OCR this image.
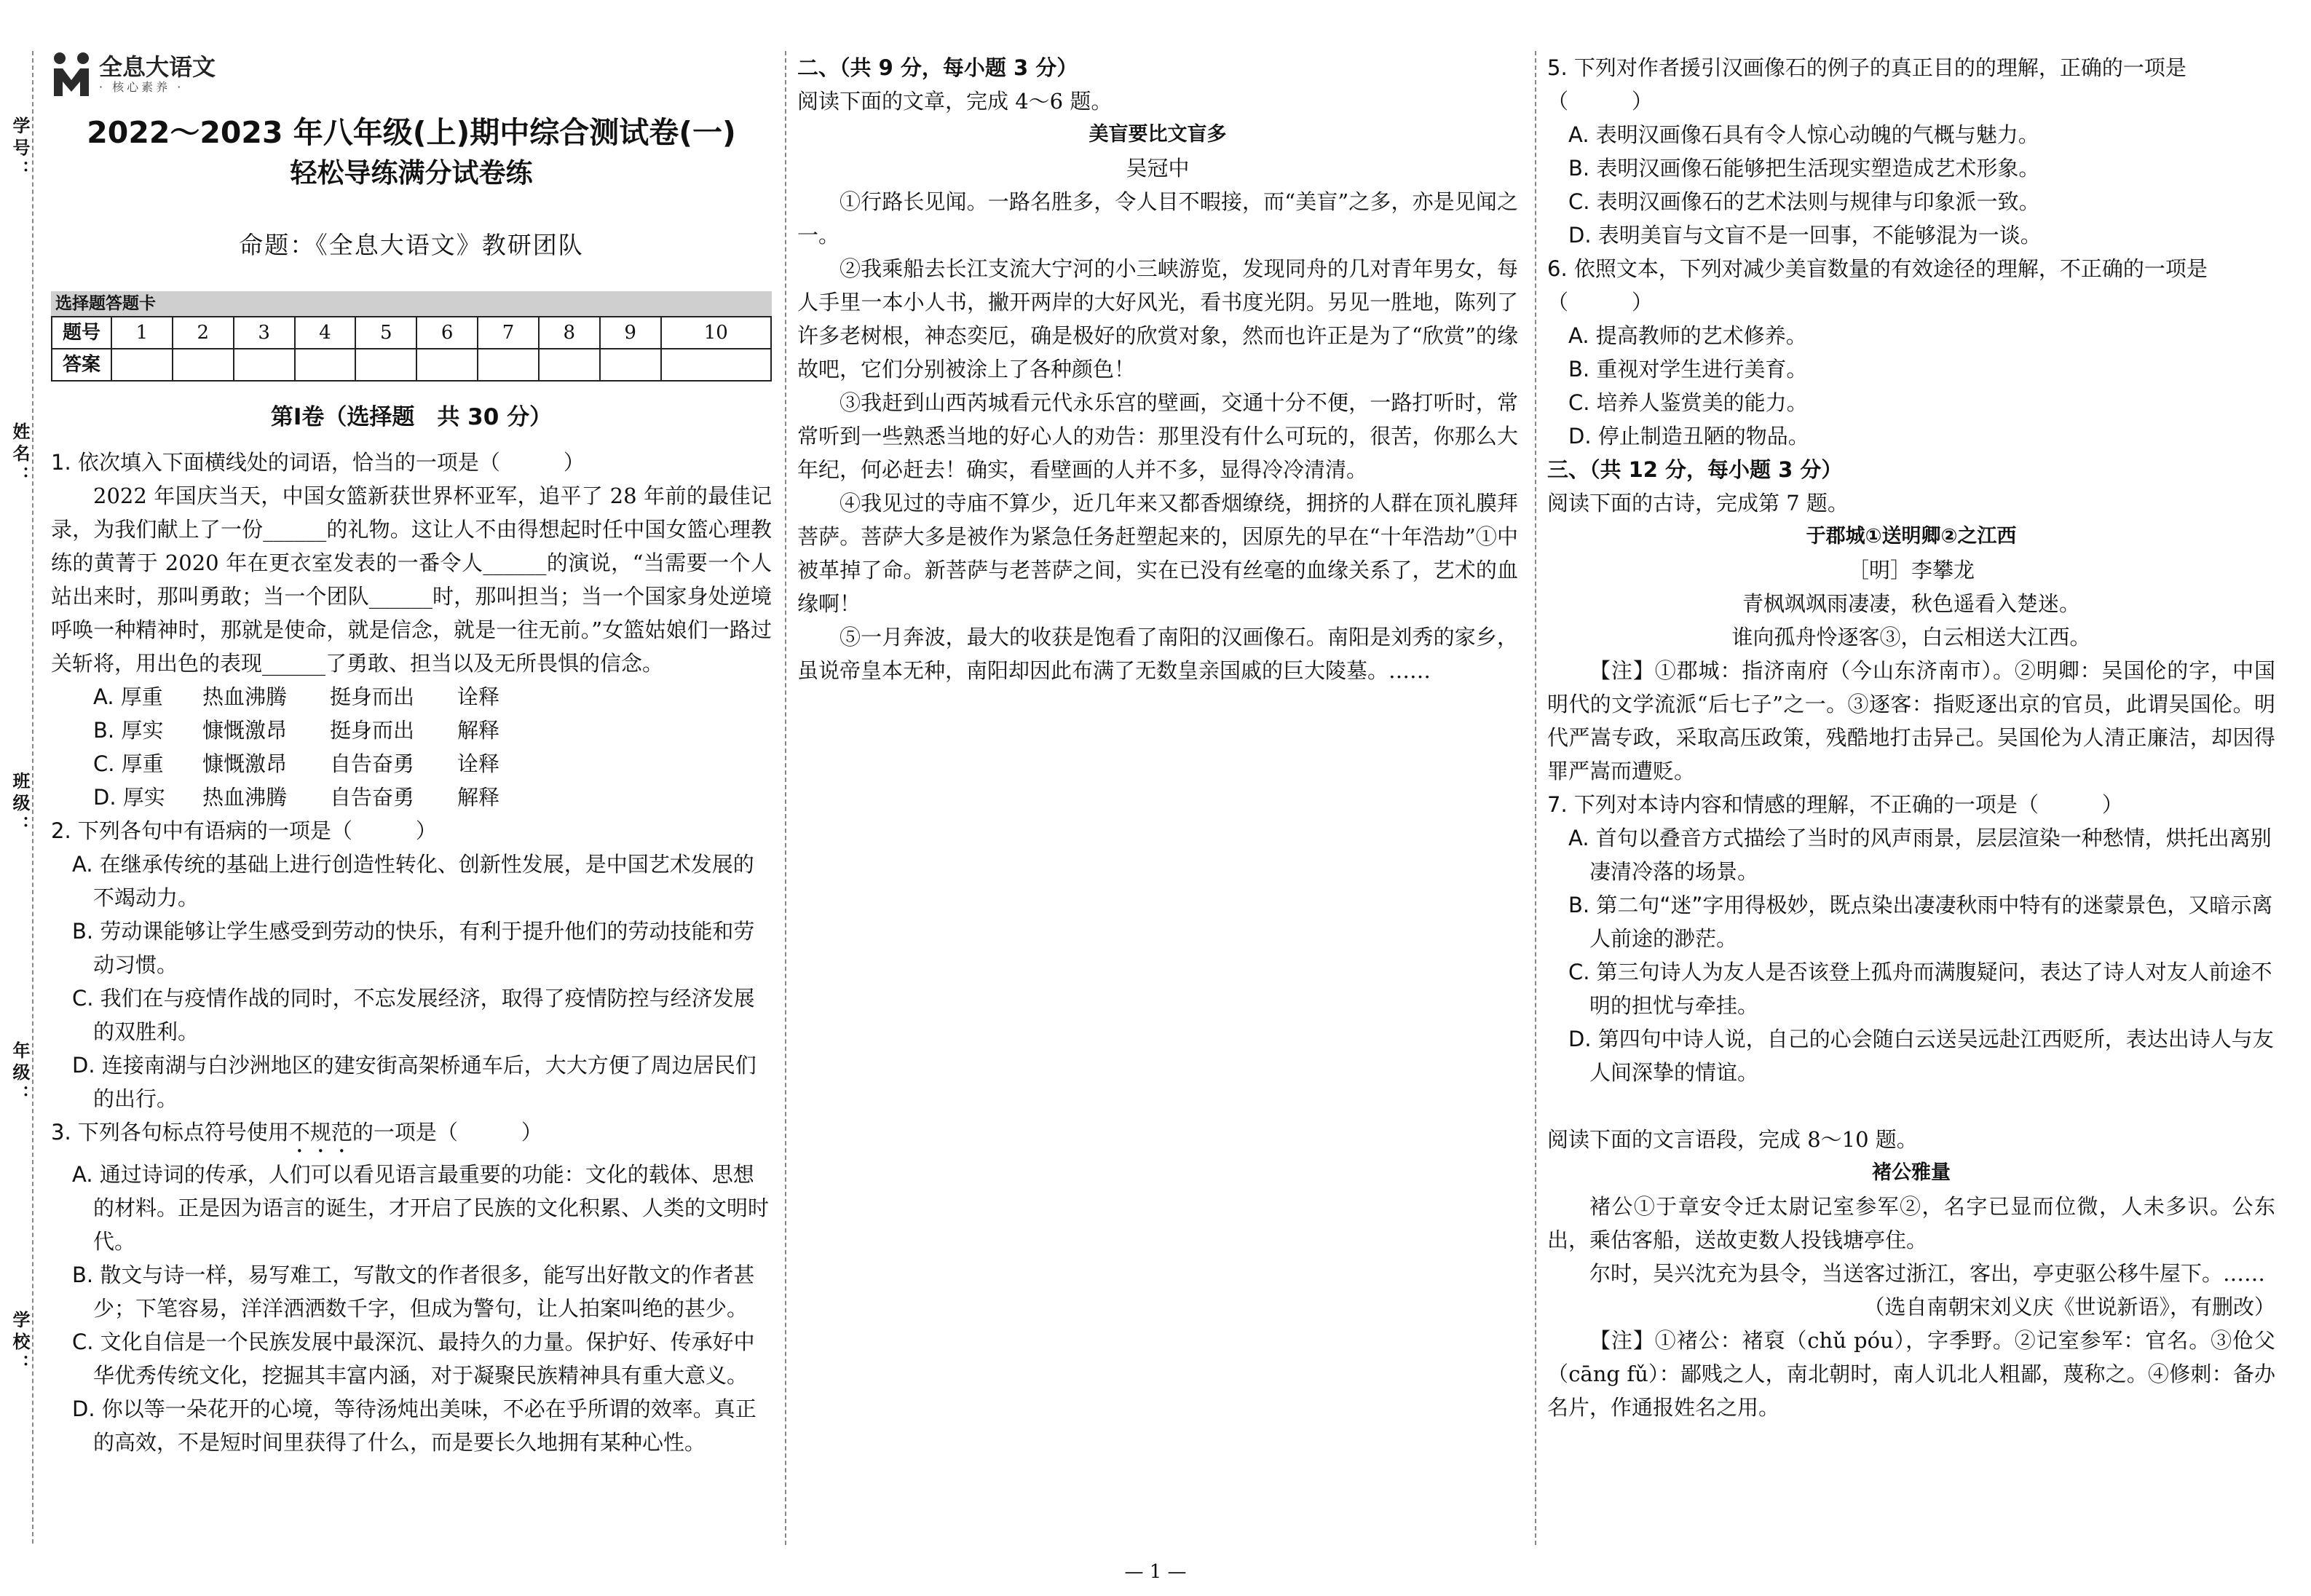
学号：
姓名：
班级：
年级：
学校：
全息大语文
· 核心素养 ·
2022～2023 年八年级(上)期中综合测试卷(一)
轻松导练满分试卷练
命题：《全息大语文》教研团队
选择题答题卡
题号	1	2	3	4	5	6	7	8	9	10
答案										
第Ⅰ卷（选择题　共 30 分）

1. 依次填入下面横线处的词语，恰当的一项是（　　　）

2022 年国庆当天，中国女篮新获世界杯亚军，追平了 28 年前的最佳记录，为我们献上了一份______的礼物。这让人不由得想起时任中国女篮心理教练的黄菁于 2020 年在更衣室发表的一番令人______的演说，“当需要一个人站出来时，那叫勇敢；当一个团队______时，那叫担当；当一个国家身处逆境呼唤一种精神时，那就是使命，就是信念，就是一往无前。”女篮姑娘们一路过关斩将，用出色的表现______了勇敢、担当以及无所畏惧的信念。

A. 厚重	热血沸腾	挺身而出	诠释
B. 厚实	慷慨激昂	挺身而出	解释
C. 厚重	慷慨激昂	自告奋勇	诠释
D. 厚实	热血沸腾	自告奋勇	解释

2. 下列各句中有语病的一项是（　　　）

A. 在继承传统的基础上进行创造性转化、创新性发展，是中国艺术发展的不竭动力。

B. 劳动课能够让学生感受到劳动的快乐，有利于提升他们的劳动技能和劳动习惯。

C. 我们在与疫情作战的同时，不忘发展经济，取得了疫情防控与经济发展的双胜利。

D. 连接南湖与白沙洲地区的建安街高架桥通车后，大大方便了周边居民们的出行。

3. 下列各句标点符号使用不规范的一项是（　　　）

A. 通过诗词的传承，人们可以看见语言最重要的功能：文化的载体、思想的材料。正是因为语言的诞生，才开启了民族的文化积累、人类的文明时代。

B. 散文与诗一样，易写难工，写散文的作者很多，能写出好散文的作者甚少；下笔容易，洋洋洒洒数千字，但成为警句，让人拍案叫绝的甚少。

C. 文化自信是一个民族发展中最深沉、最持久的力量。保护好、传承好中华优秀传统文化，挖掘其丰富内涵，对于凝聚民族精神具有重大意义。

D. 你以等一朵花开的心境，等待汤炖出美味，不必在乎所谓的效率。真正的高效，不是短时间里获得了什么，而是要长久地拥有某种心性。

二、（共 9 分，每小题 3 分）

阅读下面的文章，完成 4～6 题。

美盲要比文盲多

吴冠中

①行路长见闻。一路名胜多，令人目不暇接，而“美盲”之多，亦是见闻之一。

②我乘船去长江支流大宁河的小三峡游览，发现同舟的几对青年男女，每人手里一本小人书，撇开两岸的大好风光，看书度光阴。另见一胜地，陈列了许多老树根，神态奕厄，确是极好的欣赏对象，然而也许正是为了“欣赏”的缘故吧，它们分别被涂上了各种颜色！

③我赶到山西芮城看元代永乐宫的壁画，交通十分不便，一路打听时，常常听到一些熟悉当地的好心人的劝告：那里没有什么可玩的，很苦，你那么大年纪，何必赶去！确实，看壁画的人并不多，显得冷冷清清。

④我见过的寺庙不算少，近几年来又都香烟缭绕，拥挤的人群在顶礼膜拜菩萨。菩萨大多是被作为紧急任务赶塑起来的，因原先的早在“十年浩劫”①中被革掉了命。新菩萨与老菩萨之间，实在已没有丝毫的血缘关系了，艺术的血缘啊！

⑤一月奔波，最大的收获是饱看了南阳的汉画像石。南阳是刘秀的家乡，虽说帝皇本无种，南阳却因此布满了无数皇亲国戚的巨大陵墓。……

5. 下列对作者援引汉画像石的例子的真正目的的理解，正确的一项是（　　　）

A. 表明汉画像石具有令人惊心动魄的气概与魅力。

B. 表明汉画像石能够把生活现实塑造成艺术形象。

C. 表明汉画像石的艺术法则与规律与印象派一致。

D. 表明美盲与文盲不是一回事，不能够混为一谈。

6. 依照文本，下列对减少美盲数量的有效途径的理解，不正确的一项是（　　　）

A. 提高教师的艺术修养。

B. 重视对学生进行美育。

C. 培养人鉴赏美的能力。

D. 停止制造丑陋的物品。

三、（共 12 分，每小题 3 分）

阅读下面的古诗，完成第 7 题。

于郡城①送明卿②之江西

［明］李攀龙

青枫飒飒雨凄凄，秋色遥看入楚迷。

谁向孤舟怜逐客③，白云相送大江西。

【注】①郡城：指济南府（今山东济南市）。②明卿：吴国伦的字，中国明代的文学流派“后七子”之一。③逐客：指贬逐出京的官员，此谓吴国伦。明代严嵩专政，采取高压政策，残酷地打击异己。吴国伦为人清正廉洁，却因得罪严嵩而遭贬。

7. 下列对本诗内容和情感的理解，不正确的一项是（　　　）

A. 首句以叠音方式描绘了当时的风声雨景，层层渲染一种愁情，烘托出离别凄清冷落的场景。

B. 第二句“迷”字用得极妙，既点染出凄凄秋雨中特有的迷蒙景色，又暗示离人前途的渺茫。

C. 第三句诗人为友人是否该登上孤舟而满腹疑问，表达了诗人对友人前途不明的担忧与牵挂。

D. 第四句中诗人说，自己的心会随白云送吴远赴江西贬所，表达出诗人与友人间深挚的情谊。

阅读下面的文言语段，完成 8～10 题。

褚公雅量

褚公①于章安令迁太尉记室参军②，名字已显而位微，人未多识。公东出，乘估客船，送故吏数人投钱塘亭住。

尔时，吴兴沈充为县令，当送客过浙江，客出，亭吏驱公移牛屋下。……

（选自南朝宋刘义庆《世说新语》，有删改）

【注】①褚公：褚裒（chǔ póu），字季野。②记室参军：官名。③伧父（cāng fǔ）：鄙贱之人，南北朝时，南人讥北人粗鄙，蔑称之。④修刺：备办名片，作通报姓名之用。

— 1 —
